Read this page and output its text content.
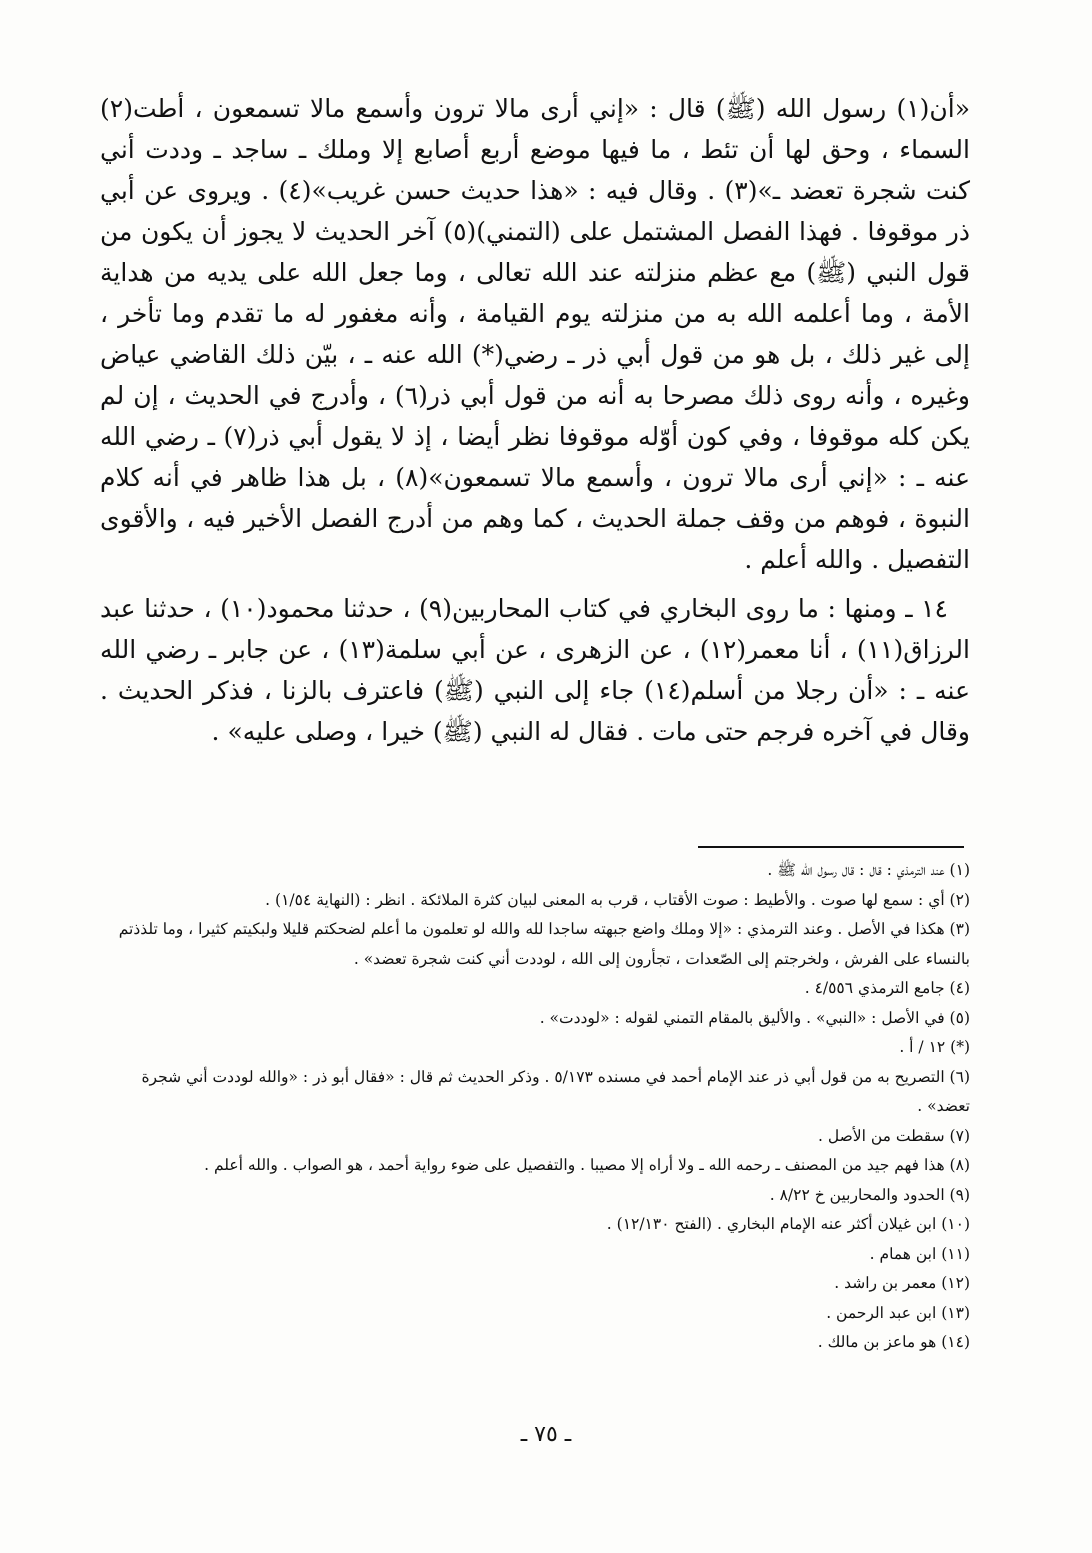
«أن(١) رسول الله (ﷺ) قال : «إني أرى مالا ترون وأسمع مالا تسمعون ، أطت(٢) السماء ، وحق لها أن تئط ، ما فيها موضع أربع أصابع إلا وملك ـ ساجد ـ وددت أني كنت شجرة تعضد ـ»(٣) . وقال فيه : «هذا حديث حسن غريب»(٤) . ويروى عن أبي ذر موقوفا . فهذا الفصل المشتمل على (التمني)(٥) آخر الحديث لا يجوز أن يكون من قول النبي (ﷺ) مع عظم منزلته عند الله تعالى ، وما جعل الله على يديه من هداية الأمة ، وما أعلمه الله به من منزلته يوم القيامة ، وأنه مغفور له ما تقدم وما تأخر ، إلى غير ذلك ، بل هو من قول أبي ذر ـ رضي(*) الله عنه ـ ، بيّن ذلك القاضي عياض وغيره ، وأنه روى ذلك مصرحا به أنه من قول أبي ذر(٦) ، وأدرج في الحديث ، إن لم يكن كله موقوفا ، وفي كون أوّله موقوفا نظر أيضا ، إذ لا يقول أبي ذر(٧) ـ رضي الله عنه ـ : «إني أرى مالا ترون ، وأسمع مالا تسمعون»(٨) ، بل هذا ظاهر في أنه كلام النبوة ، فوهم من وقف جملة الحديث ، كما وهم من أدرج الفصل الأخير فيه ، والأقوى التفصيل . والله أعلم .

١٤ ـ ومنها : ما روى البخاري في كتاب المحاربين(٩) ، حدثنا محمود(١٠) ، حدثنا عبد الرزاق(١١) ، أنا معمر(١٢) ، عن الزهرى ، عن أبي سلمة(١٣) ، عن جابر ـ رضي الله عنه ـ : «أن رجلا من أسلم(١٤) جاء إلى النبي (ﷺ) فاعترف بالزنا ، فذكر الحديث . وقال في آخره فرجم حتى مات . فقال له النبي (ﷺ) خيرا ، وصلى عليه» .

(١) عند الترمذي : قال : قال رسول الله ﷺ .

(٢) أي : سمع لها صوت . والأطيط : صوت الأقتاب ، قرب به المعنى لبيان كثرة الملائكة . انظر : (النهاية ١/٥٤) .

(٣) هكذا في الأصل . وعند الترمذي : «إلا وملك واضع جبهته ساجدا لله والله لو تعلمون ما أعلم لضحكتم قليلا ولبكيتم كثيرا ، وما تلذذتم بالنساء على الفرش ، ولخرجتم إلى الصّعدات ، تجأرون إلى الله ، لوددت أني كنت شجرة تعضد» .

(٤) جامع الترمذي ٤/٥٥٦ .

(٥) في الأصل : «النبي» . والأليق بالمقام التمني لقوله : «لوددت» .

(*) ١٢ / أ .

(٦) التصريح به من قول أبي ذر عند الإمام أحمد في مسنده ٥/١٧٣ . وذكر الحديث ثم قال : «فقال أبو ذر : «والله لوددت أني شجرة تعضد» .

(٧) سقطت من الأصل .

(٨) هذا فهم جيد من المصنف ـ رحمه الله ـ ولا أراه إلا مصيبا . والتفصيل على ضوء رواية أحمد ، هو الصواب . والله أعلم .

(٩) الحدود والمحاربين خ ٨/٢٢ .

(١٠) ابن غيلان أكثر عنه الإمام البخاري . (الفتح ١٢/١٣٠) .

(١١) ابن همام .

(١٢) معمر بن راشد .

(١٣) ابن عبد الرحمن .

(١٤) هو ماعز بن مالك .

ـ ٧٥ ـ
